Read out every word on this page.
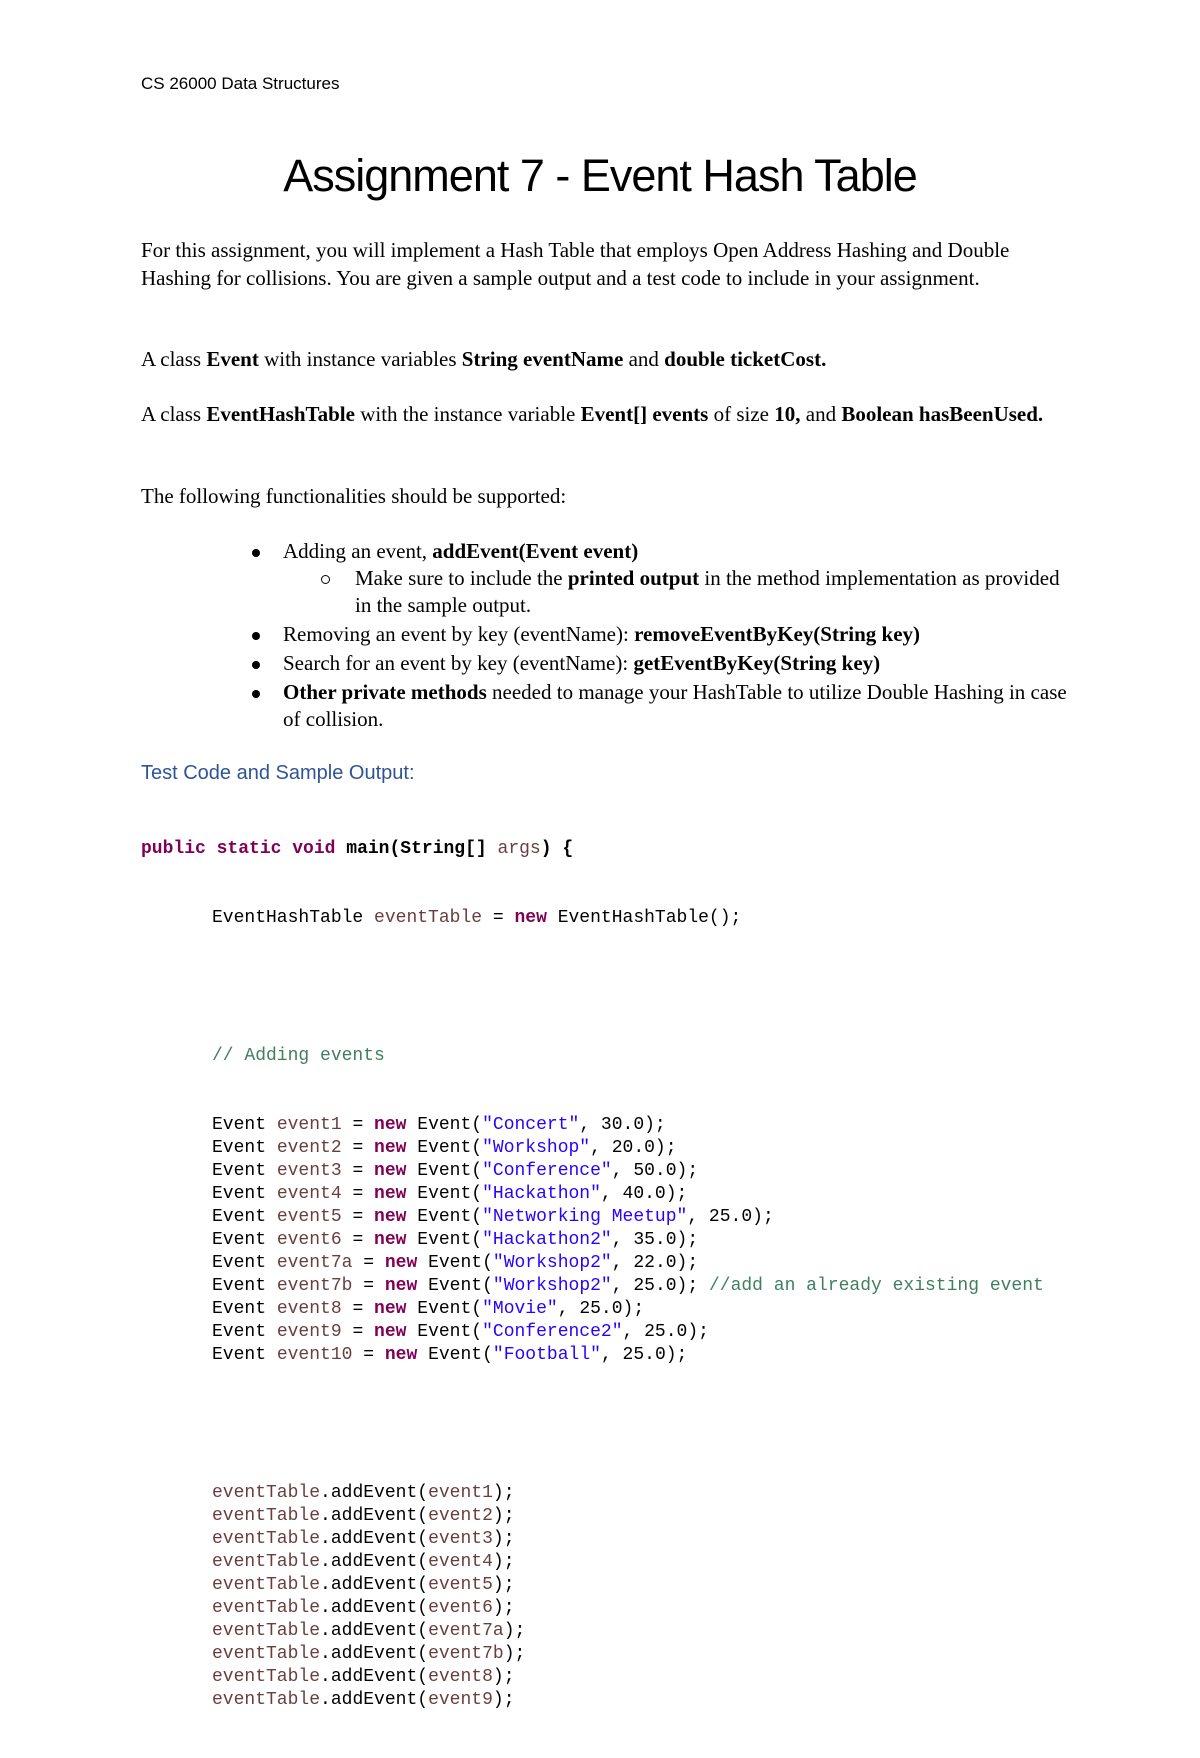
CS 26000 Data Structures
Assignment 7 - Event Hash Table
For this assignment, you will implement a Hash Table that employs Open Address Hashing and Double Hashing for collisions. You are given a sample output and a test code to include in your assignment.
A class Event with instance variables String eventName and double ticketCost.
A class EventHashTable with the instance variable Event[] events of size 10, and Boolean hasBeenUsed.
The following functionalities should be supported:
Adding an event, addEvent(Event event)
Make sure to include the printed output in the method implementation as provided in the sample output.
Removing an event by key (eventName): removeEventByKey(String key)
Search for an event by key (eventName): getEventByKey(String key)
Other private methods needed to manage your HashTable to utilize Double Hashing in case of collision.
Test Code and Sample Output:

public static void main(String[] args) {

EventHashTable eventTable = new EventHashTable();

// Adding events

Event event1 = new Event("Concert", 30.0);
Event event2 = new Event("Workshop", 20.0);
Event event3 = new Event("Conference", 50.0);
Event event4 = new Event("Hackathon", 40.0);
Event event5 = new Event("Networking Meetup", 25.0);
Event event6 = new Event("Hackathon2", 35.0);
Event event7a = new Event("Workshop2", 22.0);
Event event7b = new Event("Workshop2", 25.0); //add an already existing event
Event event8 = new Event("Movie", 25.0);
Event event9 = new Event("Conference2", 25.0);
Event event10 = new Event("Football", 25.0);

eventTable.addEvent(event1);
eventTable.addEvent(event2);
eventTable.addEvent(event3);
eventTable.addEvent(event4);
eventTable.addEvent(event5);
eventTable.addEvent(event6);
eventTable.addEvent(event7a);
eventTable.addEvent(event7b);
eventTable.addEvent(event8);
eventTable.addEvent(event9);
